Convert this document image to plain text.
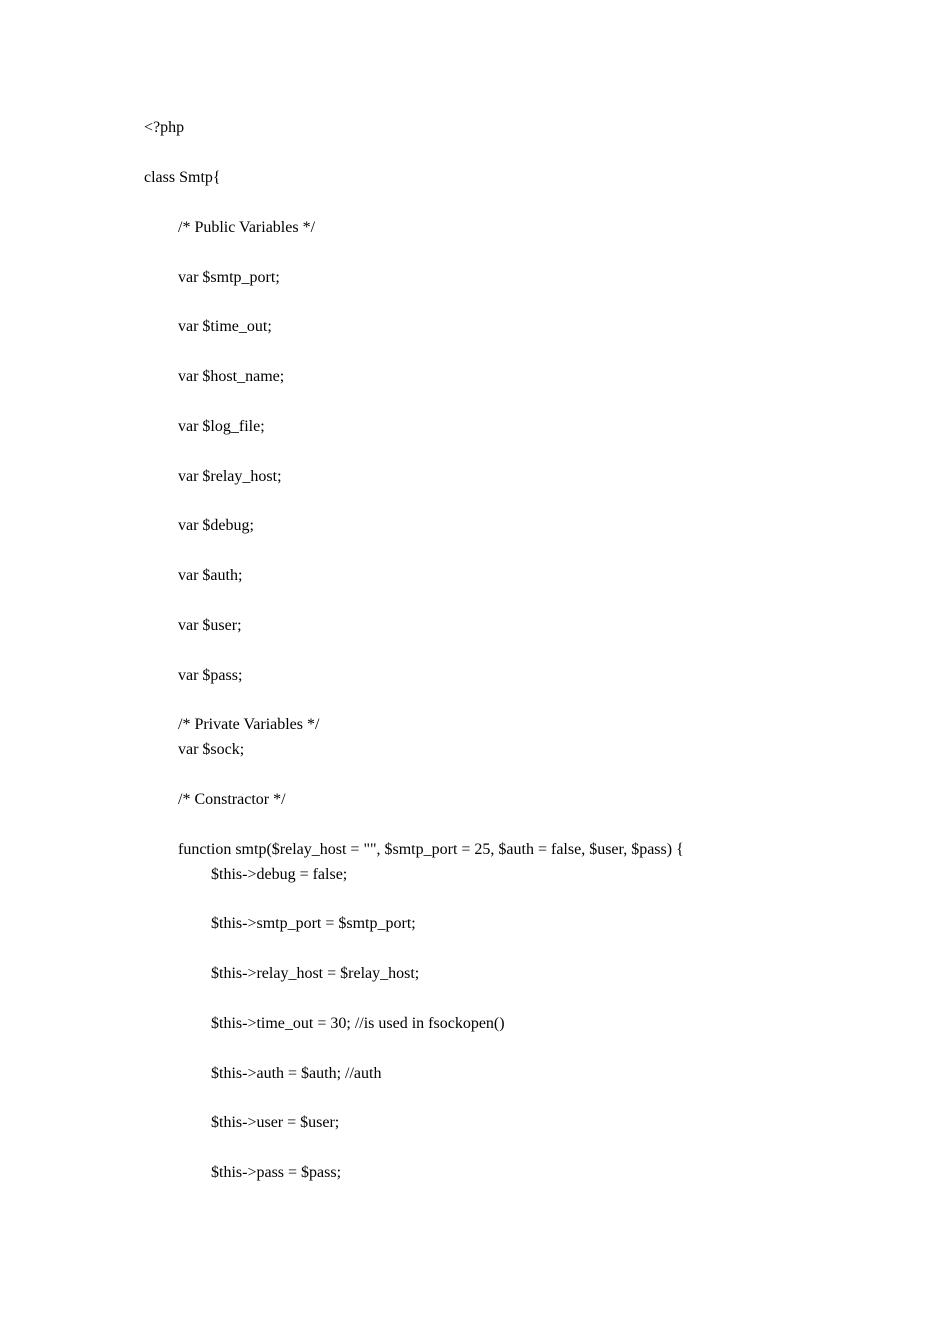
<?php
class Smtp{
/* Public Variables */
var $smtp_port;
var $time_out;
var $host_name;
var $log_file;
var $relay_host;
var $debug;
var $auth;
var $user;
var $pass;
/* Private Variables */
var $sock;
/* Constractor */
function smtp($relay_host = "", $smtp_port = 25, $auth = false, $user, $pass) {
$this->debug = false;
$this->smtp_port = $smtp_port;
$this->relay_host = $relay_host;
$this->time_out = 30; //is used in fsockopen()
$this->auth = $auth; //auth
$this->user = $user;
$this->pass = $pass;
